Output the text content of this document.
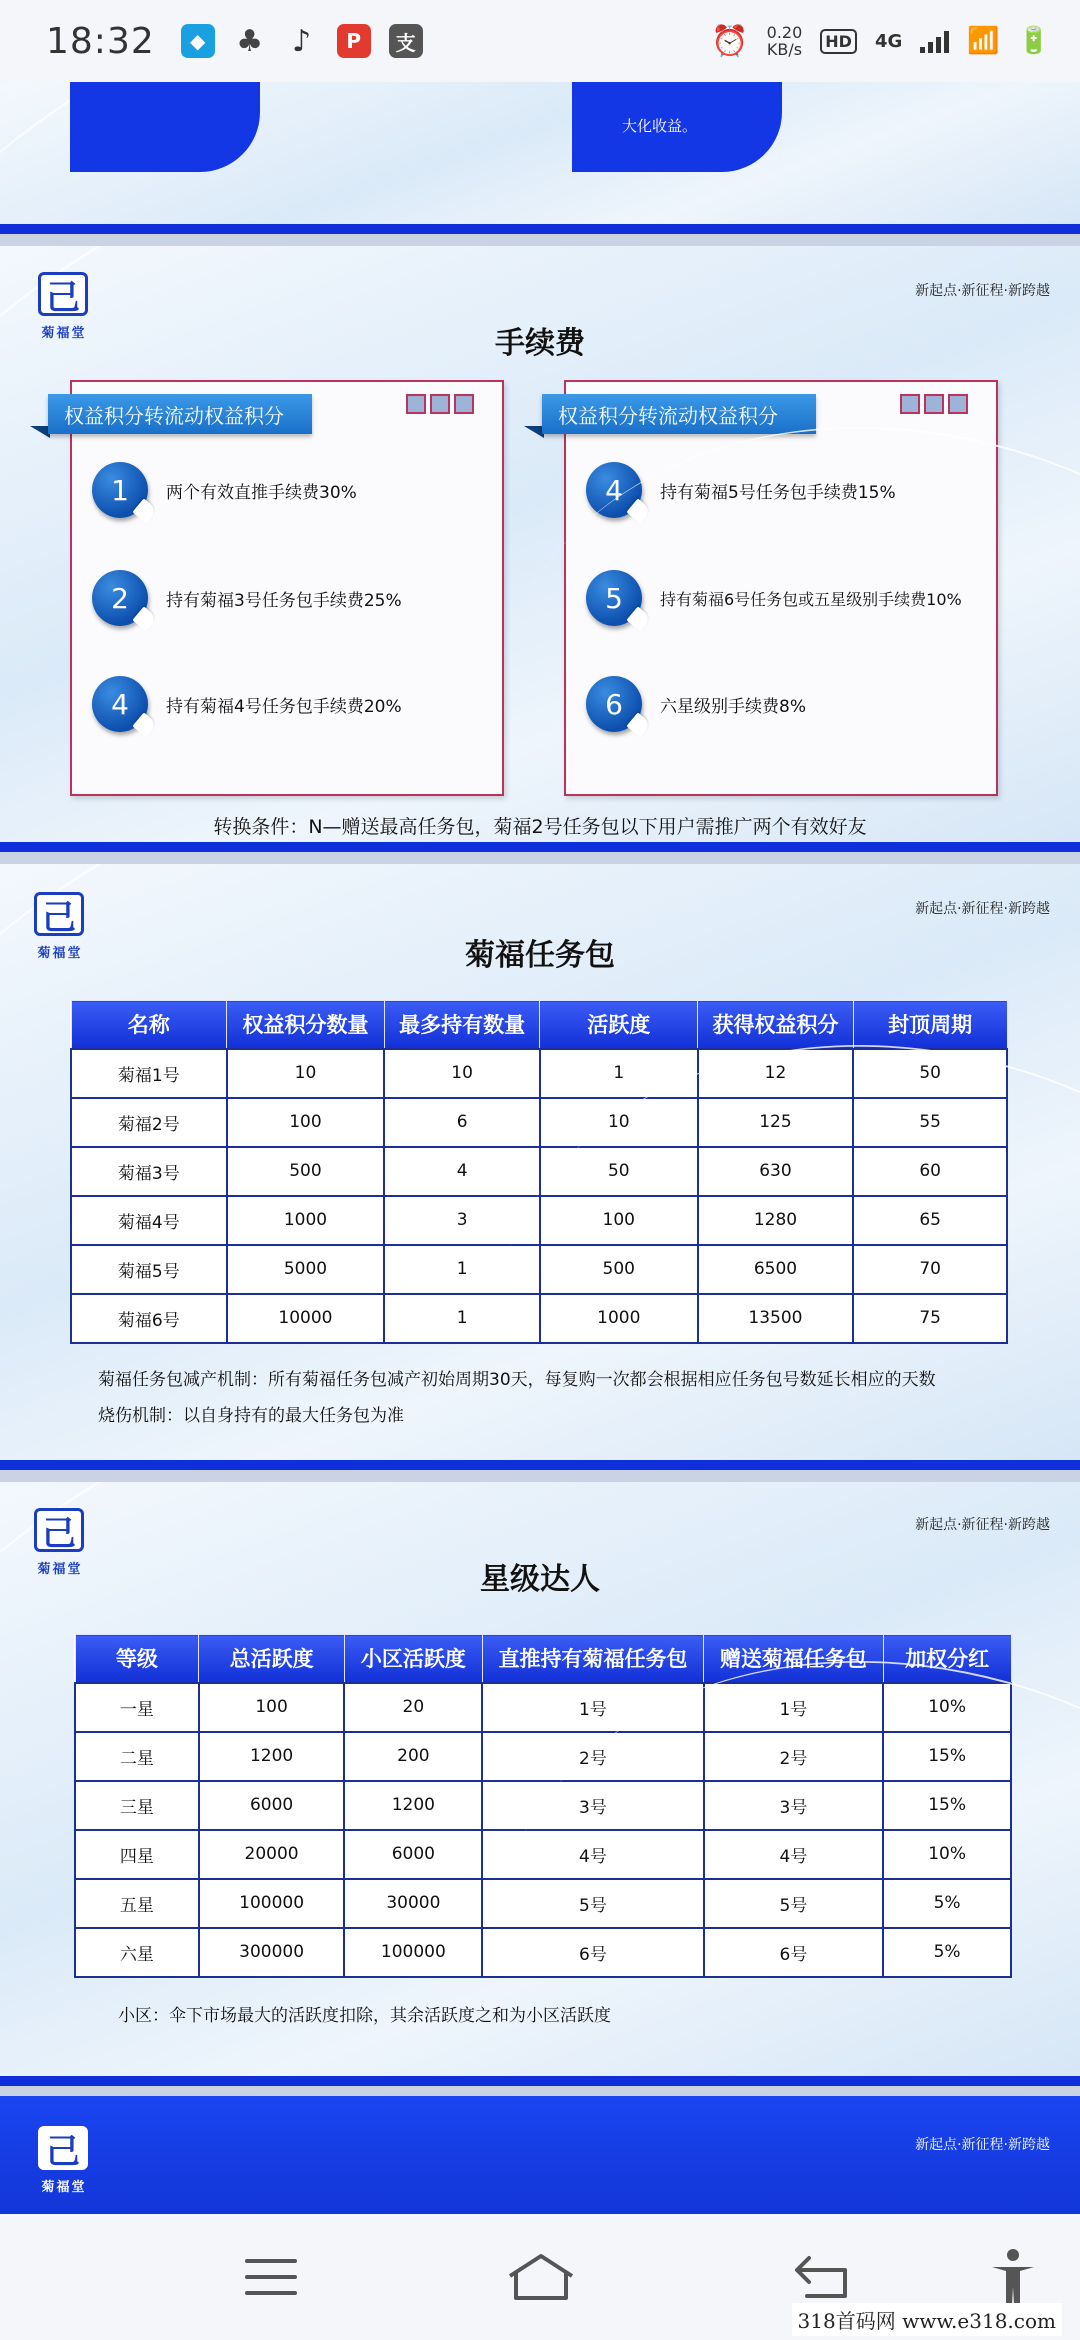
18:32	◆	♣ ♪	P	支	⏰ 0.20
KB/s	HD 4G	📶 🔋
大化收益。
己
菊福堂
新起点·新征程·新跨越
手续费
1	两个有效直推手续费30%
2	持有菊福3号任务包手续费25%
4	持有菊福4号任务包手续费20%
权益积分转流动权益积分
4	持有菊福5号任务包手续费15%
5	持有菊福6号任务包或五星级别手续费10%
6	六星级别手续费8%
权益积分转流动权益积分
转换条件：N—赠送最高任务包，菊福2号任务包以下用户需推广两个有效好友
己
菊福堂
新起点·新征程·新跨越
菊福任务包
名称	权益积分数量	最多持有数量	活跃度	获得权益积分	封顶周期
菊福1号	10	10	1	12	50
菊福2号	100	6	10	125	55
菊福3号	500	4	50	630	60
菊福4号	1000	3	100	1280	65
菊福5号	5000	1	500	6500	70
菊福6号	10000	1	1000	13500	75
菊福任务包减产机制：所有菊福任务包减产初始周期30天，每复购一次都会根据相应任务包号数延长相应的天数
烧伤机制：以自身持有的最大任务包为准
己
菊福堂
新起点·新征程·新跨越
星级达人
等级	总活跃度	小区活跃度	直推持有菊福任务包	赠送菊福任务包	加权分红
一星	100	20	1号	1号	10%
二星	1200	200	2号	2号	15%
三星	6000	1200	3号	3号	15%
四星	20000	6000	4号	4号	10%
五星	100000	30000	5号	5号	5%
六星	300000	100000	6号	6号	5%
小区：伞下市场最大的活跃度扣除，其余活跃度之和为小区活跃度
己
菊福堂
新起点·新征程·新跨越
318首码网 www.e318.com
